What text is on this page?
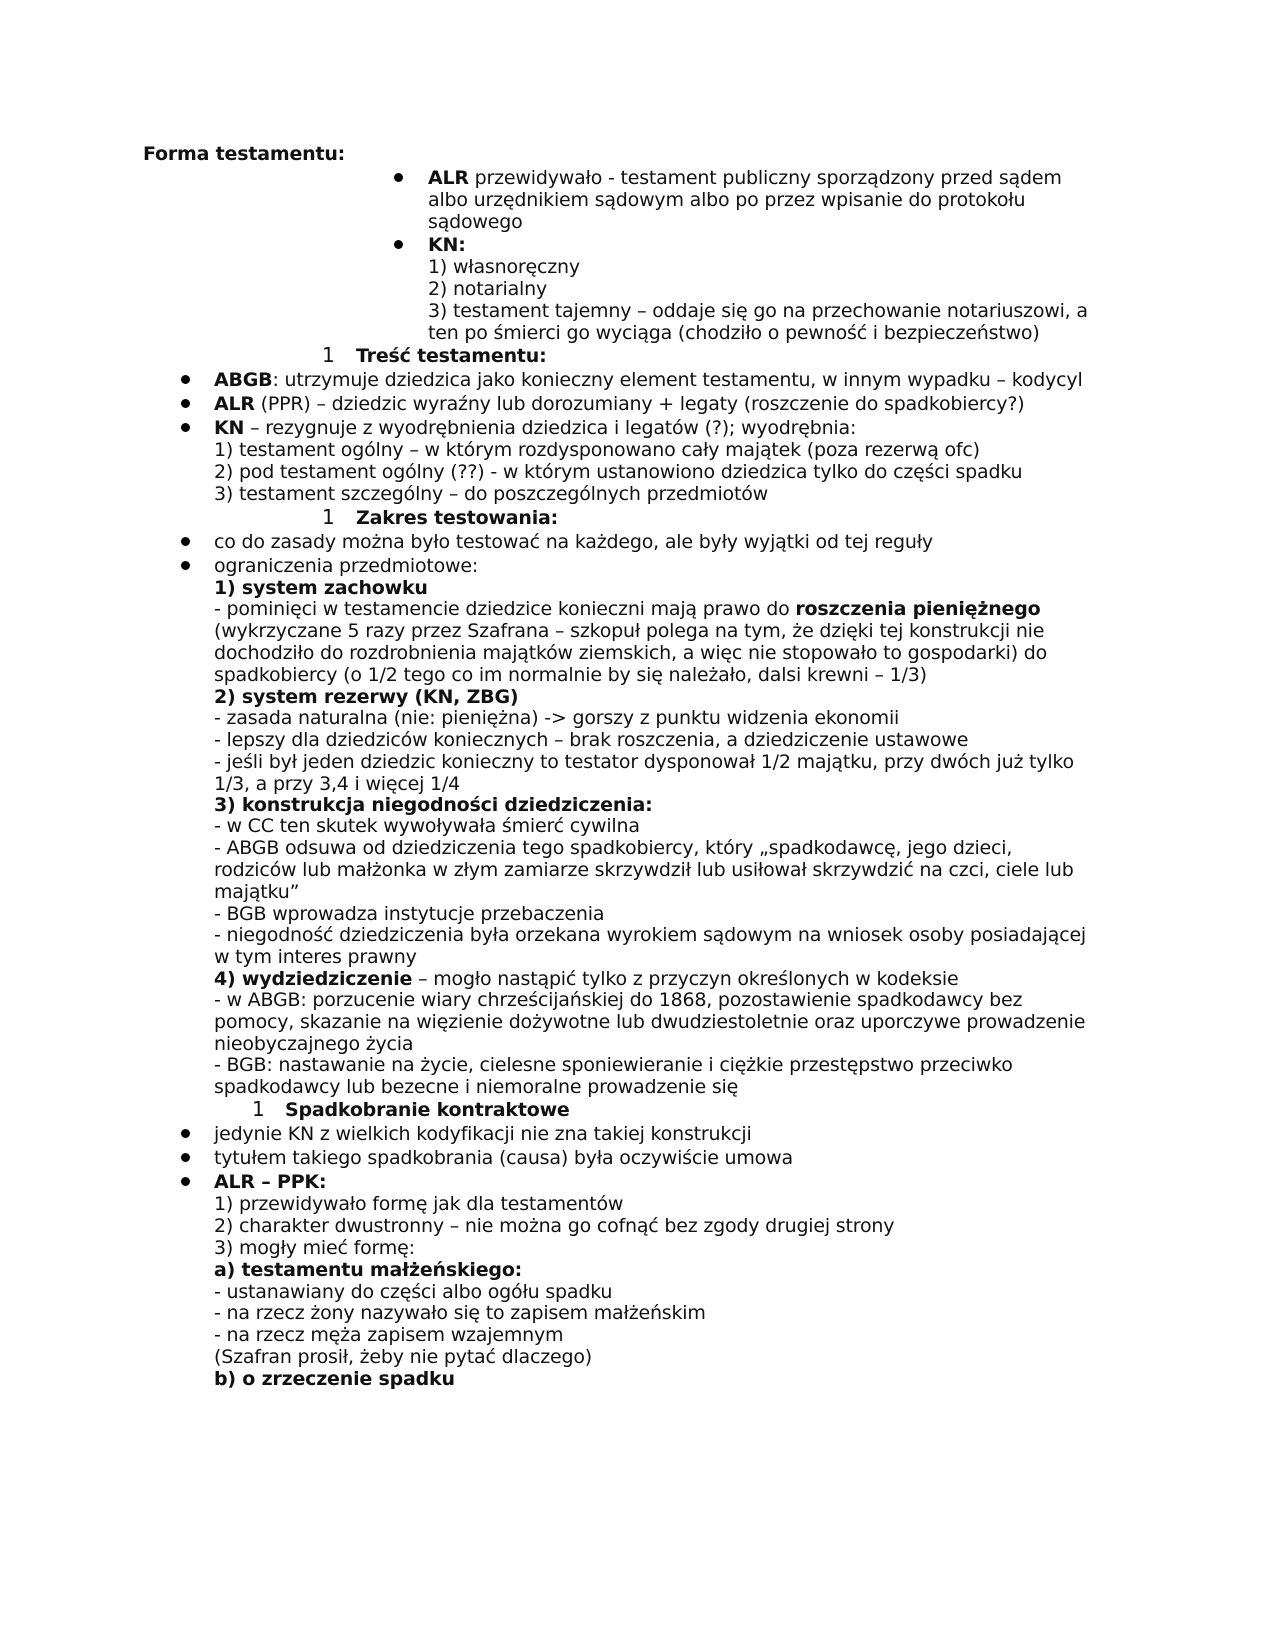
Forma testamentu:
ALR przewidywało - testament publiczny sporządzony przed sądem
albo urzędnikiem sądowym albo po przez wpisanie do protokołu
sądowego
KN:
1) własnoręczny
2) notarialny
3) testament tajemny – oddaje się go na przechowanie notariuszowi, a
ten po śmierci go wyciąga (chodziło o pewność i bezpieczeństwo)
1 Treść testamentu:
ABGB: utrzymuje dziedzica jako konieczny element testamentu, w innym wypadku – kodycyl
ALR (PPR) – dziedzic wyraźny lub dorozumiany + legaty (roszczenie do spadkobiercy?)
KN – rezygnuje z wyodrębnienia dziedzica i legatów (?); wyodrębnia:
1) testament ogólny – w którym rozdysponowano cały majątek (poza rezerwą ofc)
2) pod testament ogólny (??) - w którym ustanowiono dziedzica tylko do części spadku
3) testament szczególny – do poszczególnych przedmiotów
1 Zakres testowania:
co do zasady można było testować na każdego, ale były wyjątki od tej reguły
ograniczenia przedmiotowe:
1) system zachowku
- pominięci w testamencie dziedzice konieczni mają prawo do roszczenia pieniężnego
(wykrzyczane 5 razy przez Szafrana – szkopuł polega na tym, że dzięki tej konstrukcji nie
dochodziło do rozdrobnienia majątków ziemskich, a więc nie stopowało to gospodarki) do
spadkobiercy (o 1/2 tego co im normalnie by się należało, dalsi krewni – 1/3)
2) system rezerwy (KN, ZBG)
- zasada naturalna (nie: pieniężna) -> gorszy z punktu widzenia ekonomii
- lepszy dla dziedziców koniecznych – brak roszczenia, a dziedziczenie ustawowe
- jeśli był jeden dziedzic konieczny to testator dysponował 1/2 majątku, przy dwóch już tylko
1/3, a przy 3,4 i więcej 1/4
3) konstrukcja niegodności dziedziczenia:
- w CC ten skutek wywoływała śmierć cywilna
- ABGB odsuwa od dziedziczenia tego spadkobiercy, który „spadkodawcę, jego dzieci,
rodziców lub małżonka w złym zamiarze skrzywdził lub usiłował skrzywdzić na czci, ciele lub
majątku”
- BGB wprowadza instytucje przebaczenia
- niegodność dziedziczenia była orzekana wyrokiem sądowym na wniosek osoby posiadającej
w tym interes prawny
4) wydziedziczenie – mogło nastąpić tylko z przyczyn określonych w kodeksie
- w ABGB: porzucenie wiary chrześcijańskiej do 1868, pozostawienie spadkodawcy bez
pomocy, skazanie na więzienie dożywotne lub dwudziestoletnie oraz uporczywe prowadzenie
nieobyczajnego życia
- BGB: nastawanie na życie, cielesne sponiewieranie i ciężkie przestępstwo przeciwko
spadkodawcy lub bezecne i niemoralne prowadzenie się
1 Spadkobranie kontraktowe
jedynie KN z wielkich kodyfikacji nie zna takiej konstrukcji
tytułem takiego spadkobrania (causa) była oczywiście umowa
ALR – PPK:
1) przewidywało formę jak dla testamentów
2) charakter dwustronny – nie można go cofnąć bez zgody drugiej strony
3) mogły mieć formę:
a) testamentu małżeńskiego:
- ustanawiany do części albo ogółu spadku
- na rzecz żony nazywało się to zapisem małżeńskim
- na rzecz męża zapisem wzajemnym
(Szafran prosił, żeby nie pytać dlaczego)
b) o zrzeczenie spadku
